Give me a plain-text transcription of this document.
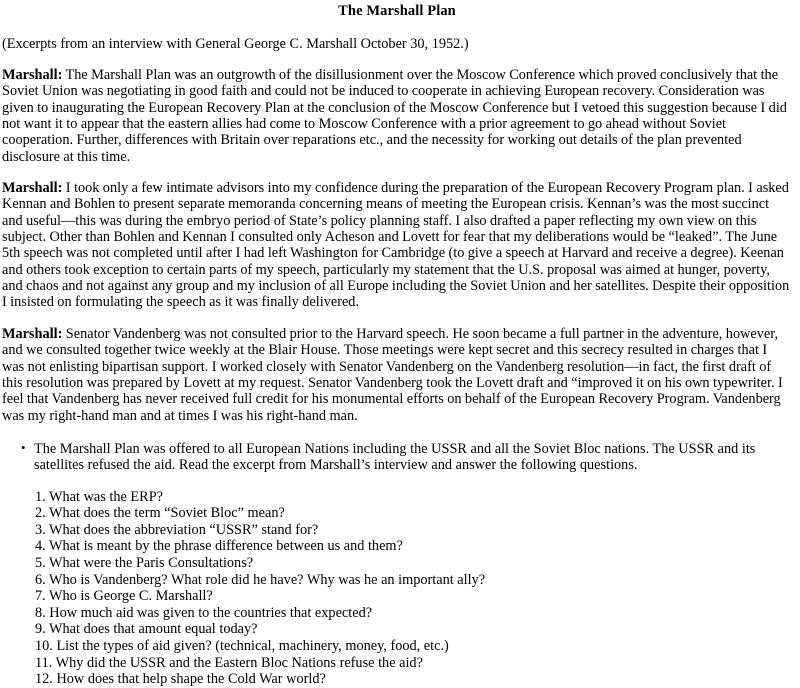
The Marshall Plan

(Excerpts from an interview with General George C. Marshall October 30, 1952.)

Marshall: The Marshall Plan was an outgrowth of the disillusionment over the Moscow Conference which proved conclusively that the Soviet Union was negotiating in good faith and could not be induced to cooperate in achieving European recovery. Consideration was given to inaugurating the European Recovery Plan at the conclusion of the Moscow Conference but I vetoed this suggestion because I did not want it to appear that the eastern allies had come to Moscow Conference with a prior agreement to go ahead without Soviet cooperation. Further, differences with Britain over reparations etc., and the necessity for working out details of the plan prevented disclosure at this time.

Marshall: I took only a few intimate advisors into my confidence during the preparation of the European Recovery Program plan. I asked Kennan and Bohlen to present separate memoranda concerning means of meeting the European crisis. Kennan’s was the most succinct and useful—this was during the embryo period of State’s policy planning staff. I also drafted a paper reflecting my own view on this subject. Other than Bohlen and Kennan I consulted only Acheson and Lovett for fear that my deliberations would be “leaked”. The June 5th speech was not completed until after I had left Washington for Cambridge (to give a speech at Harvard and receive a degree). Keenan and others took exception to certain parts of my speech, particularly my statement that the U.S. proposal was aimed at hunger, poverty, and chaos and not against any group and my inclusion of all Europe including the Soviet Union and her satellites. Despite their opposition I insisted on formulating the speech as it was finally delivered.

Marshall: Senator Vandenberg was not consulted prior to the Harvard speech. He soon became a full partner in the adventure, however, and we consulted together twice weekly at the Blair House. Those meetings were kept secret and this secrecy resulted in charges that I was not enlisting bipartisan support. I worked closely with Senator Vandenberg on the Vandenberg resolution—in fact, the first draft of this resolution was prepared by Lovett at my request. Senator Vandenberg took the Lovett draft and “improved it on his own typewriter. I feel that Vandenberg has never received full credit for his monumental efforts on behalf of the European Recovery Program. Vandenberg was my right-hand man and at times I was his right-hand man.

• The Marshall Plan was offered to all European Nations including the USSR and all the Soviet Bloc nations. The USSR and its satellites refused the aid. Read the excerpt from Marshall’s interview and answer the following questions.
1. What was the ERP?
2. What does the term “Soviet Bloc” mean?
3. What does the abbreviation “USSR” stand for?
4. What is meant by the phrase difference between us and them?
5. What were the Paris Consultations?
6. Who is Vandenberg? What role did he have? Why was he an important ally?
7. Who is George C. Marshall?
8. How much aid was given to the countries that expected?
9. What does that amount equal today?
10. List the types of aid given? (technical, machinery, money, food, etc.)
11. Why did the USSR and the Eastern Bloc Nations refuse the aid?
12. How does that help shape the Cold War world?
